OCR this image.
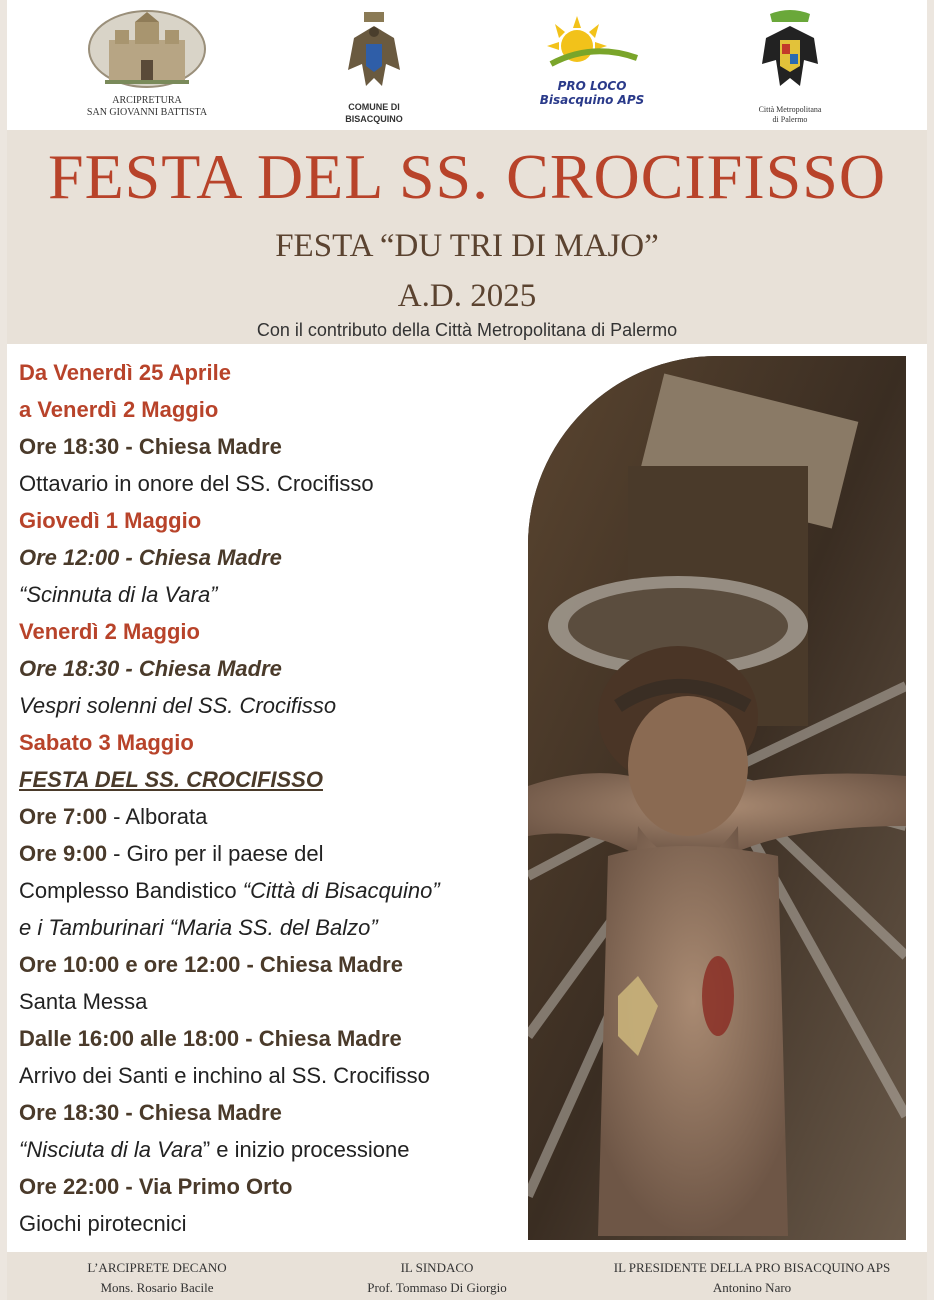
ARCIPRETURA
SAN GIOVANNI BATTISTA	COMUNE DI BISACQUINO
PRO LOCO
Bisacquino APS
Città Metropolitana
di Palermo
FESTA DEL SS. CROCIFISSO
FESTA “DU TRI DI MAJO”
A.D. 2025
Con il contributo della Città Metropolitana di Palermo
Da Venerdì 25 Aprile
a Venerdì 2 Maggio
Ore 18:30 - Chiesa Madre
Ottavario in onore del SS. Crocifisso
Giovedì 1 Maggio
Ore 12:00 - Chiesa Madre
“Scinnuta di la Vara”
Venerdì 2 Maggio
Ore 18:30 - Chiesa Madre
Vespri solenni del SS. Crocifisso
Sabato 3 Maggio
FESTA DEL SS. CROCIFISSO
Ore 7:00 - Alborata
Ore 9:00 - Giro per il paese del
Complesso Bandistico “Città di Bisacquino”
e i Tamburinari “Maria SS. del Balzo”
Ore 10:00 e ore 12:00 - Chiesa Madre
Santa Messa
Dalle 16:00 alle 18:00 - Chiesa Madre
Arrivo dei Santi e inchino al SS. Crocifisso
Ore 18:30 - Chiesa Madre
“Nisciuta di la Vara” e inizio processione
Ore 22:00 - Via Primo Orto
Giochi pirotecnici
L’ARCIPRETE DECANO
Mons. Rosario Bacile
IL SINDACO
Prof. Tommaso Di Giorgio
IL PRESIDENTE DELLA PRO BISACQUINO APS
Antonino Naro
